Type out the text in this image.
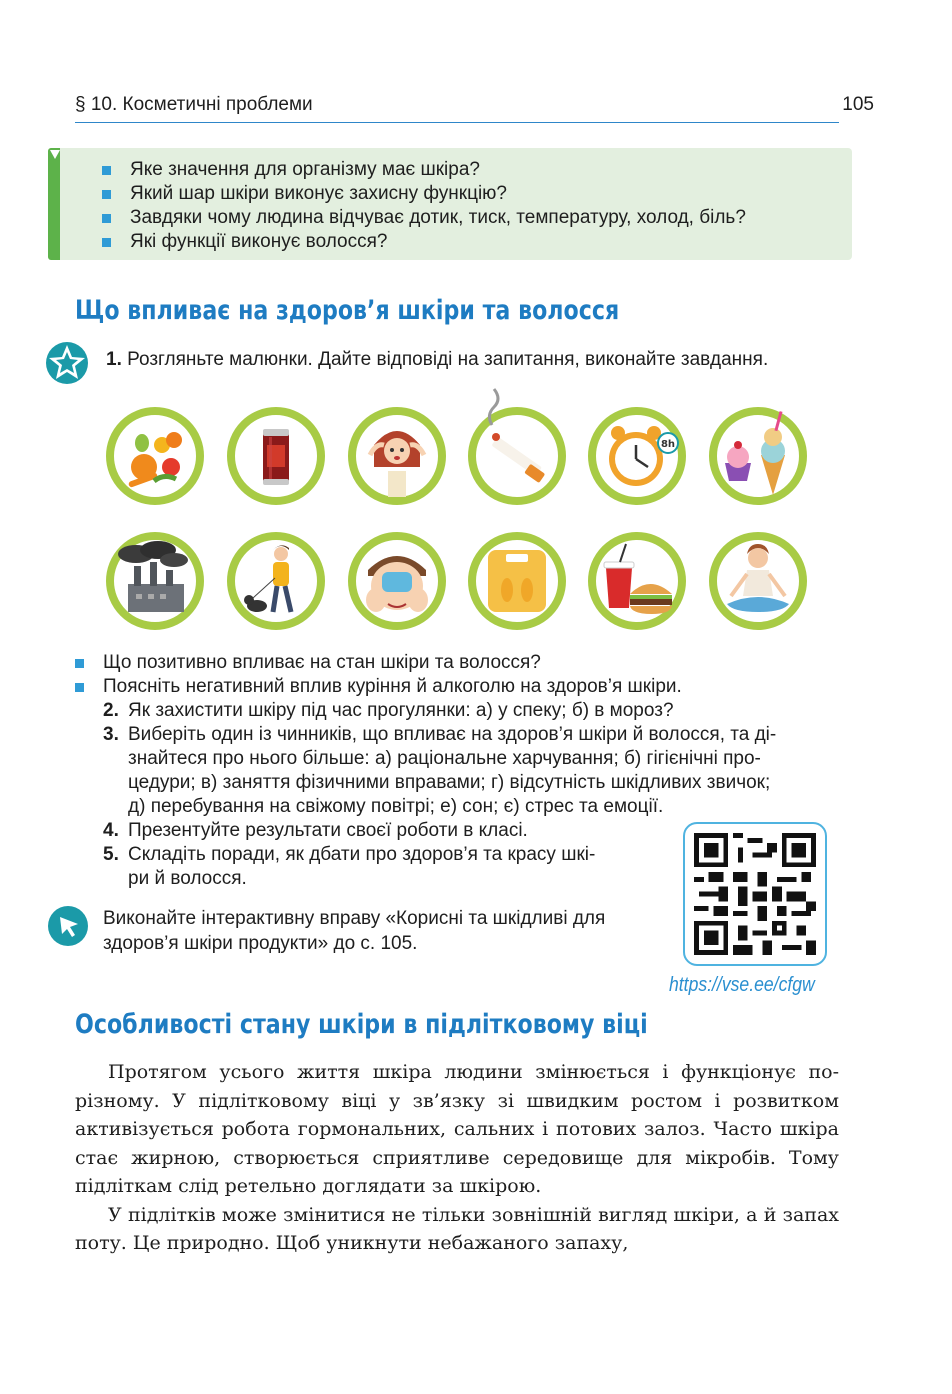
§ 10. Косметичні проблеми	105
Яке значення для організму має шкіра?
Який шар шкіри виконує захисну функцію?
Завдяки чому людина відчуває дотик, тиск, температуру, холод, біль?
Які функції виконує волосся?
Що впливає на здоров’я шкіри та волосся
1. Розгляньте малюнки. Дайте відповіді на запитання, виконайте завдання.
8h
Що позитивно впливає на стан шкіри та волосся?
Поясніть негативний вплив куріння й алкоголю на здоров’я шкіри.
2. Як захистити шкіру під час прогулянки: а) у спеку; б) в мороз?
3. Виберіть один із чинників, що впливає на здоров’я шкіри й волосся, та ді-
знайтеся про нього більше: а) раціональне харчування; б) гігієнічні про-
цедури; в) заняття фізичними вправами; г) відсутність шкідливих звичок;
д) перебування на свіжому повітрі; е) сон; є) стрес та емоції.
4. Презентуйте результати своєї роботи в класі.
5. Складіть поради, як дбати про здоров’я та красу шкі-
ри й волосся.
Виконайте інтерактивну вправу «Корисні та шкідливі для здоров’я шкіри продукти» до с. 105.
https://vse.ee/cfgw
Особливості стану шкіри в підлітковому віці

Протягом усього життя шкіра людини змінюється і функціонує по-різному. У підлітковому віці у зв’язку зі швидким ростом і розвитком активізується робота гормональних, сальних і потових залоз. Часто шкіра стає жирною, створюється сприятливе середовище для мікробів. Тому підліткам слід ретельно доглядати за шкірою.

У підлітків може змінитися не тільки зовнішній вигляд шкіри, а й запах поту. Це природно. Щоб уникнути небажаного запаху,
